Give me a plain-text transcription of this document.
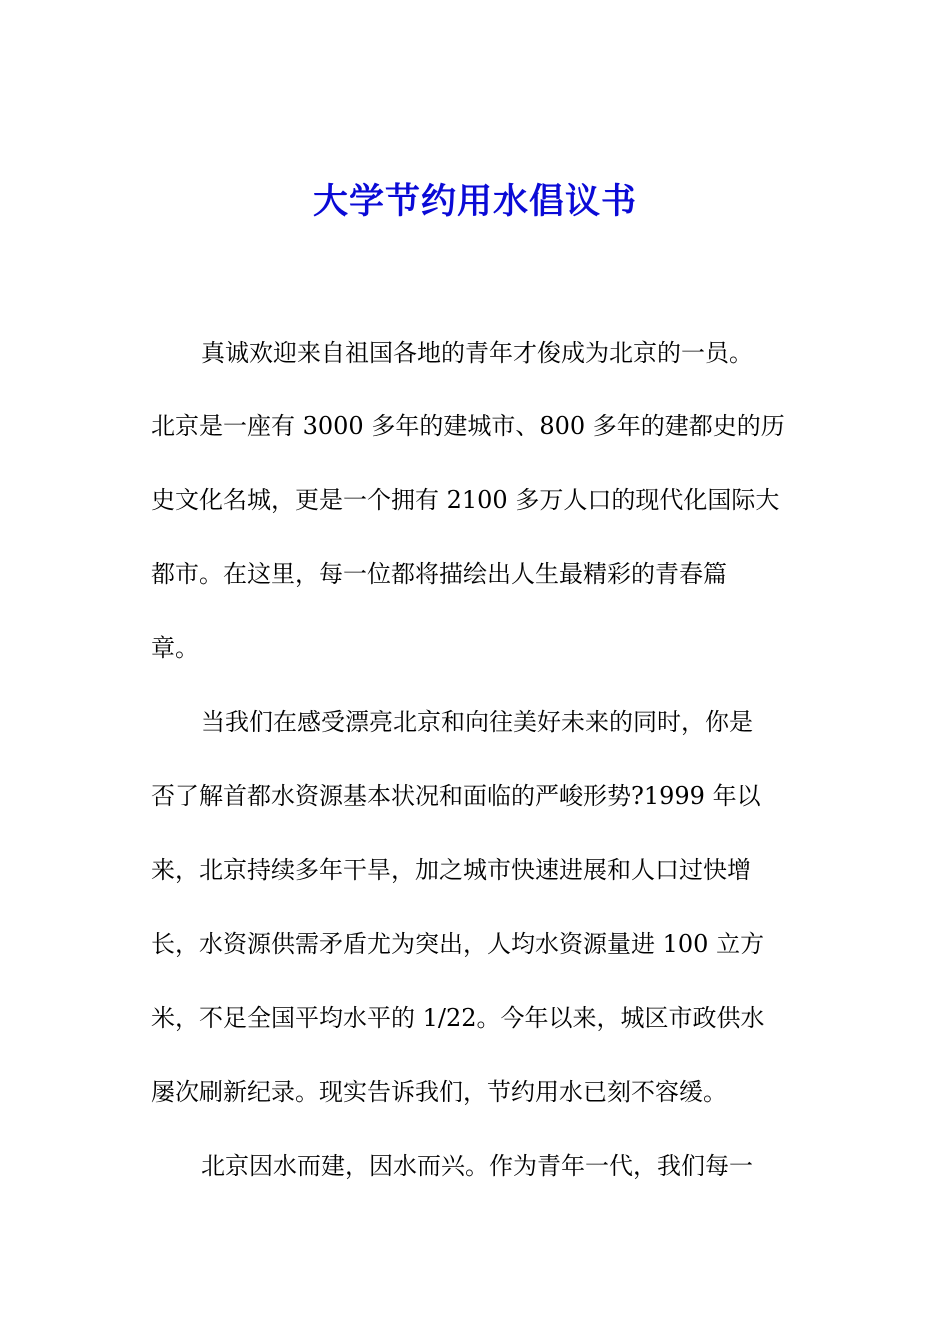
大学节约用水倡议书

真诚欢迎来自祖国各地的青年才俊成为北京的一员。

北京是一座有 3000 多年的建城市、800 多年的建都史的历

史文化名城，更是一个拥有 2100 多万人口的现代化国际大

都市。在这里，每一位都将描绘出人生最精彩的青春篇

章。

当我们在感受漂亮北京和向往美好未来的同时，你是

否了解首都水资源基本状况和面临的严峻形势?1999 年以

来，北京持续多年干旱，加之城市快速进展和人口过快增

长，水资源供需矛盾尤为突出，人均水资源量进 100 立方

米，不足全国平均水平的 1/22。今年以来，城区市政供水

屡次刷新纪录。现实告诉我们，节约用水已刻不容缓。

北京因水而建，因水而兴。作为青年一代，我们每一
